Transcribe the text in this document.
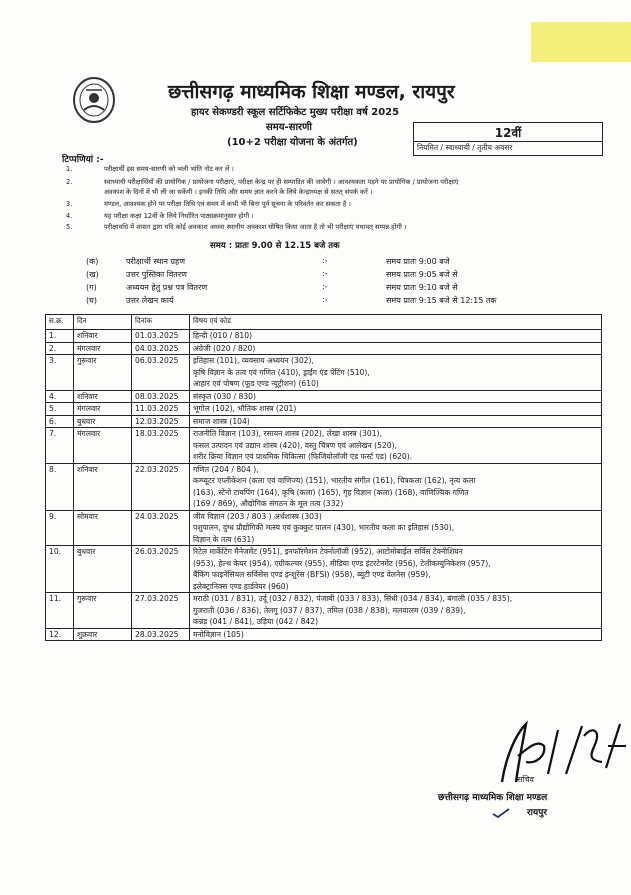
छत्तीसगढ़ माध्यमिक शिक्षा मण्डल, रायपुर
हायर सेकण्डरी स्कूल सर्टिफिकेट मुख्य परीक्षा वर्ष 2025
समय-सारणी
(10+2 परीक्षा योजना के अंतर्गत)
12वीं
नियमित / स्वाध्यायी / तृतीय अवसर
टिप्पणियां :-
1.	परीक्षार्थी इस समय-सारणी को भली भांति नोट कर लें ।
2.	स्वाध्यायी परीक्षार्थियों की प्रायोगिक / प्रायोजना परीक्षाएं, परीक्षा केन्द्र पर ही सम्पादित की जावेगी । आवश्यकता पड़ने पर प्रायोगिक / प्रायोजना परीक्षाएं
अवकाश के दिनों में भी ली जा सकेंगी । इनकी तिथि और समय ज्ञात करने के लिये केन्द्राध्यक्ष से सतत् संपर्क करें ।
3.	मण्डल, आवश्यक होने पर परीक्षा तिथि एवं समय में कभी भी बिना पूर्व सूचना के परिवर्तन कर सकता है ।
4.	यह परीक्षा कक्षा 12वीं के लिये निर्धारित पाठ्यक्रमानुसार होगी ।
5.	परीक्षावधि में शासन द्वारा यदि कोई अवकाश अथवा स्थानीय अवकाश घोषित किया जाता है तो भी परीक्षाएं यथावत् सम्पन्न होंगी ।
समय : प्रातः 9.00 से 12.15 बजे तक
(क)	परीक्षार्थी स्थान ग्रहण	:-	समय प्रातः 9:00 बजे
(ख)	उत्तर पुस्तिका वितरण	:-	समय प्रातः 9:05 बजे से
(ग)	अध्ययन हेतु प्रश्न पत्र वितरण	:-	समय प्रातः 9:10 बजे से
(घ)	उत्तर लेखन कार्य	:-	समय प्रातः 9:15 बजे से 12:15 तक
स.क्र.	दिन	दिनांक	विषय एवं कोड
1.	शनिवार	01.03.2025	हिन्दी (010 / 810)

2.	मंगलवार	04.03.2025	अंग्रेजी (020 / 820)

3.	गुरूवार	06.03.2025	इतिहास (101), व्यवसाय अध्ययन (302),
कृषि विज्ञान के तत्व एवं गणित (410), ड्राईंग एंड पेंटिंग (510),
आहार एवं पोषण (फूड एण्ड न्यूट्रीशन) (610)

4.	शनिवार	08.03.2025	संस्कृत (030 / 830)

5.	मंगलवार	11.03.2025	भूगोल (102), भौतिक शास्त्र (201)

6.	बुधवार	12.03.2025	समाज शास्त्र (104)

7.	मंगलवार	18.03.2025	राजनीति विज्ञान (103), रसायन शास्त्र (202), लेखा शास्त्र (301),
फसल उत्पादन एवं उद्यान शास्त्र (420), वस्तु चित्रण एवं आलेखन (520),
शरीर क्रिया विज्ञान एवं प्राथमिक चिकित्सा (फिजियोलॉजी एंड फर्स्ट एड) (620).

8.	शनिवार	22.03.2025	गणित (204 / 804 ),
कम्प्यूटर एप्लीकेशन (कला एवं वाणिज्य) (151), भारतीय संगीत (161), चित्रकला (162), नृत्य कला
(163), स्टेनो टायपिंग (164), कृषि (कला) (165), गृह विज्ञान (कला) (168), वाणिज्यिक गणित
(169 / 869), औद्योगिक संगठन के मूल तत्व (332)

9.	सोमवार	24.03.2025	जीव विज्ञान (203 / 803 ) अर्थशास्त्र (303)
पशुपालन, दुग्ध प्रौद्योगिकी मत्स्य एवं कुक्कुट पालन (430), भारतीय कला का इतिहास (530),
विज्ञान के तत्व (631)

10.	बुधवार	26.03.2025	रिटेल मार्केटिंग मैनेजमेंट (951), इनफॉरमेशन टेक्नोलॉजी (952), आटोमोबाईल सर्विस टेक्नीशियन
(953), हेल्थ केयर (954), एग्रीकल्चर (955), मीडिया एण्ड इंटरटेनमेंट (956), टेलीकम्युनिकेशन (957),
बैंकिंग फाइनेंसियल सर्विसेस एण्ड इन्शुरेंस (BFSI) (958), ब्यूटी एण्ड वेलनेस (959),
इलेक्ट्रानिक्स एण्ड हार्डवेयर (960)

11.	गुरूवार	27.03.2025	मराठी (031 / 831), उर्दू (032 / 832), पंजाबी (033 / 833), सिंधी (034 / 834), बंगाली (035 / 835),
गुजराती (036 / 836), तेलगू (037 / 837), तमिल (038 / 838), मलयालम (039 / 839),
कन्नड़ (041 / 841), उड़िया (042 / 842)

12.	शुक्रवार	28.03.2025	मनोविज्ञान (105)
सचिव
छत्तीसगढ़ माध्यमिक शिक्षा मण्डल
रायपुर
